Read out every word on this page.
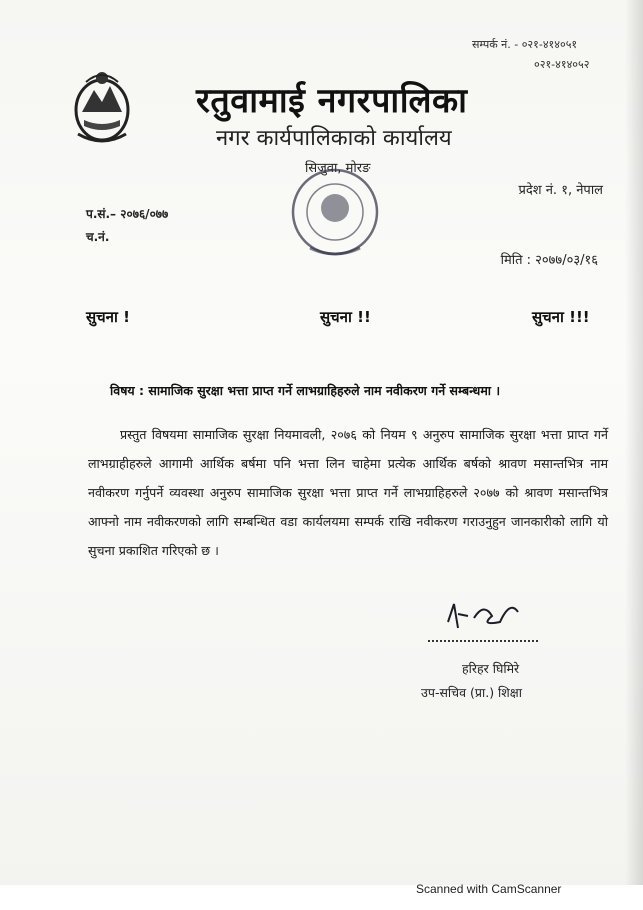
सम्पर्क नं. - ०२१-४१४०५१
०२१-४१४०५२
रतुवामाई नगरपालिका
नगर कार्यपालिकाको कार्यालय
सिजुवा, मोरङ
प्रदेश नं. १, नेपाल
प.सं.– २०७६/०७७
च.नं.
मिति : २०७७/०३/१६
सुचना !	सुचना !!	सुचना !!!
विषय : सामाजिक सुरक्षा भत्ता प्राप्त गर्ने लाभग्राहिहरुले नाम नवीकरण गर्ने सम्बन्धमा ।
प्रस्तुत विषयमा सामाजिक सुरक्षा नियमावली, २०७६ को नियम ९ अनुरुप सामाजिक सुरक्षा भत्ता प्राप्त गर्ने लाभग्राहीहरुले आगामी आर्थिक बर्षमा पनि भत्ता लिन चाहेमा प्रत्येक आर्थिक बर्षको श्रावण मसान्तभित्र नाम नवीकरण गर्नुपर्ने व्यवस्था अनुरुप सामाजिक सुरक्षा भत्ता प्राप्त गर्ने लाभग्राहिहरुले २०७७ को श्रावण मसान्तभित्र आफ्नो नाम नवीकरणको लागि सम्बन्धित वडा कार्यलयमा सम्पर्क राखि नवीकरण गराउनुहुन जानकारीको लागि यो सुचना प्रकाशित गरिएको छ ।
हरिहर घिमिरे
उप-सचिव (प्रा.) शिक्षा
Scanned with CamScanner
